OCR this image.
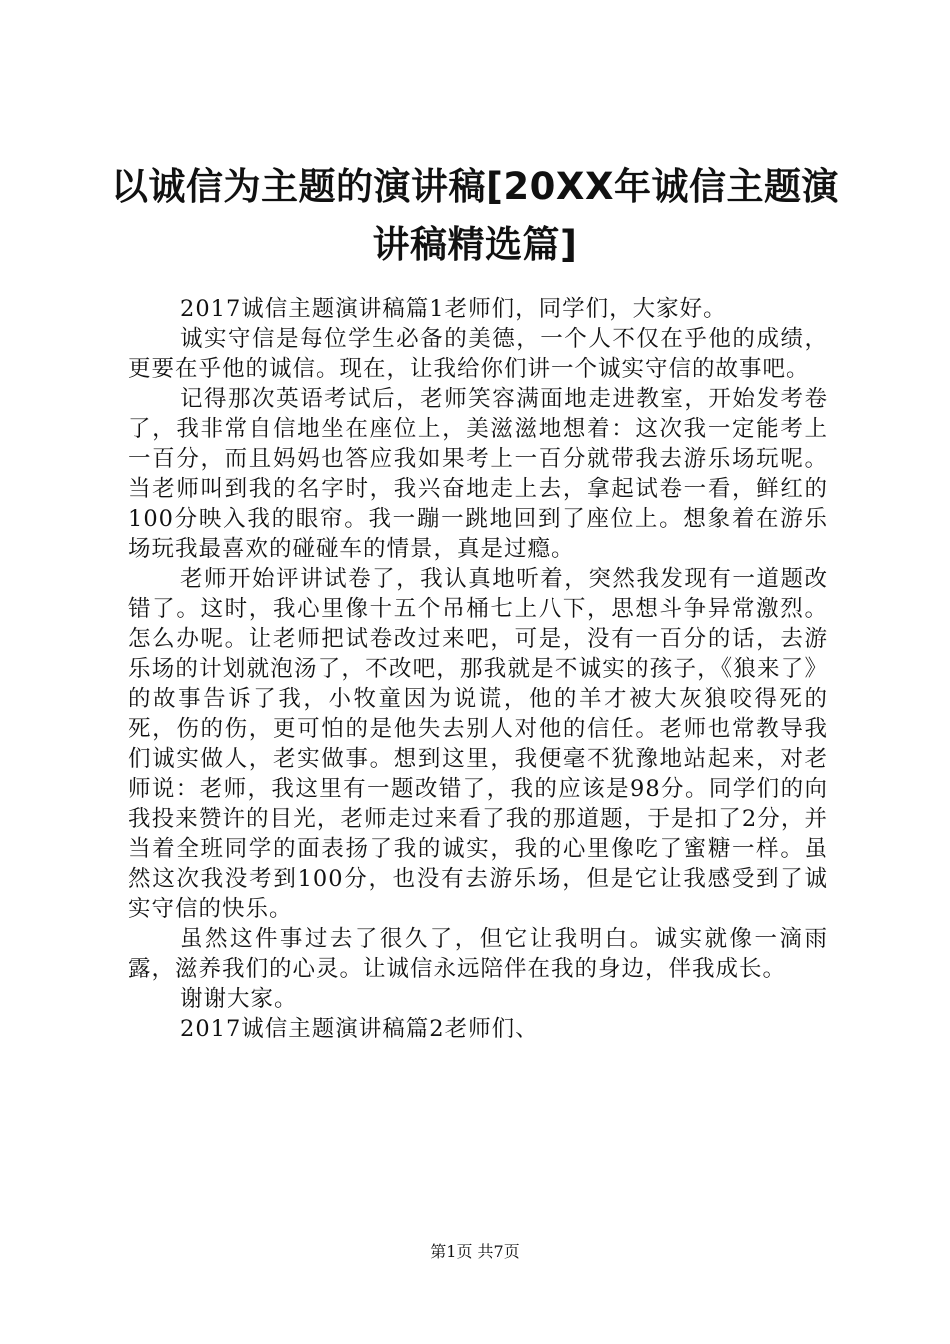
以诚信为主题的演讲稿[20XX年诚信主题演讲稿精选篇]

2017诚信主题演讲稿篇1老师们，同学们，大家好。

诚实守信是每位学生必备的美德，一个人不仅在乎他的成绩，更要在乎他的诚信。现在，让我给你们讲一个诚实守信的故事吧。

记得那次英语考试后，老师笑容满面地走进教室，开始发考卷了，我非常自信地坐在座位上，美滋滋地想着：这次我一定能考上一百分，而且妈妈也答应我如果考上一百分就带我去游乐场玩呢。当老师叫到我的名字时，我兴奋地走上去，拿起试卷一看，鲜红的100分映入我的眼帘。我一蹦一跳地回到了座位上。想象着在游乐场玩我最喜欢的碰碰车的情景，真是过瘾。

老师开始评讲试卷了，我认真地听着，突然我发现有一道题改错了。这时，我心里像十五个吊桶七上八下，思想斗争异常激烈。怎么办呢。让老师把试卷改过来吧，可是，没有一百分的话，去游乐场的计划就泡汤了，不改吧，那我就是不诚实的孩子，《狼来了》的故事告诉了我，小牧童因为说谎，他的羊才被大灰狼咬得死的死，伤的伤，更可怕的是他失去别人对他的信任。老师也常教导我们诚实做人，老实做事。想到这里，我便毫不犹豫地站起来，对老师说：老师，我这里有一题改错了，我的应该是98分。同学们的向我投来赞许的目光，老师走过来看了我的那道题，于是扣了2分，并当着全班同学的面表扬了我的诚实，我的心里像吃了蜜糖一样。虽然这次我没考到100分，也没有去游乐场，但是它让我感受到了诚实守信的快乐。

虽然这件事过去了很久了，但它让我明白。诚实就像一滴雨露，滋养我们的心灵。让诚信永远陪伴在我的身边，伴我成长。

谢谢大家。

2017诚信主题演讲稿篇2老师们、

第1页 共7页
